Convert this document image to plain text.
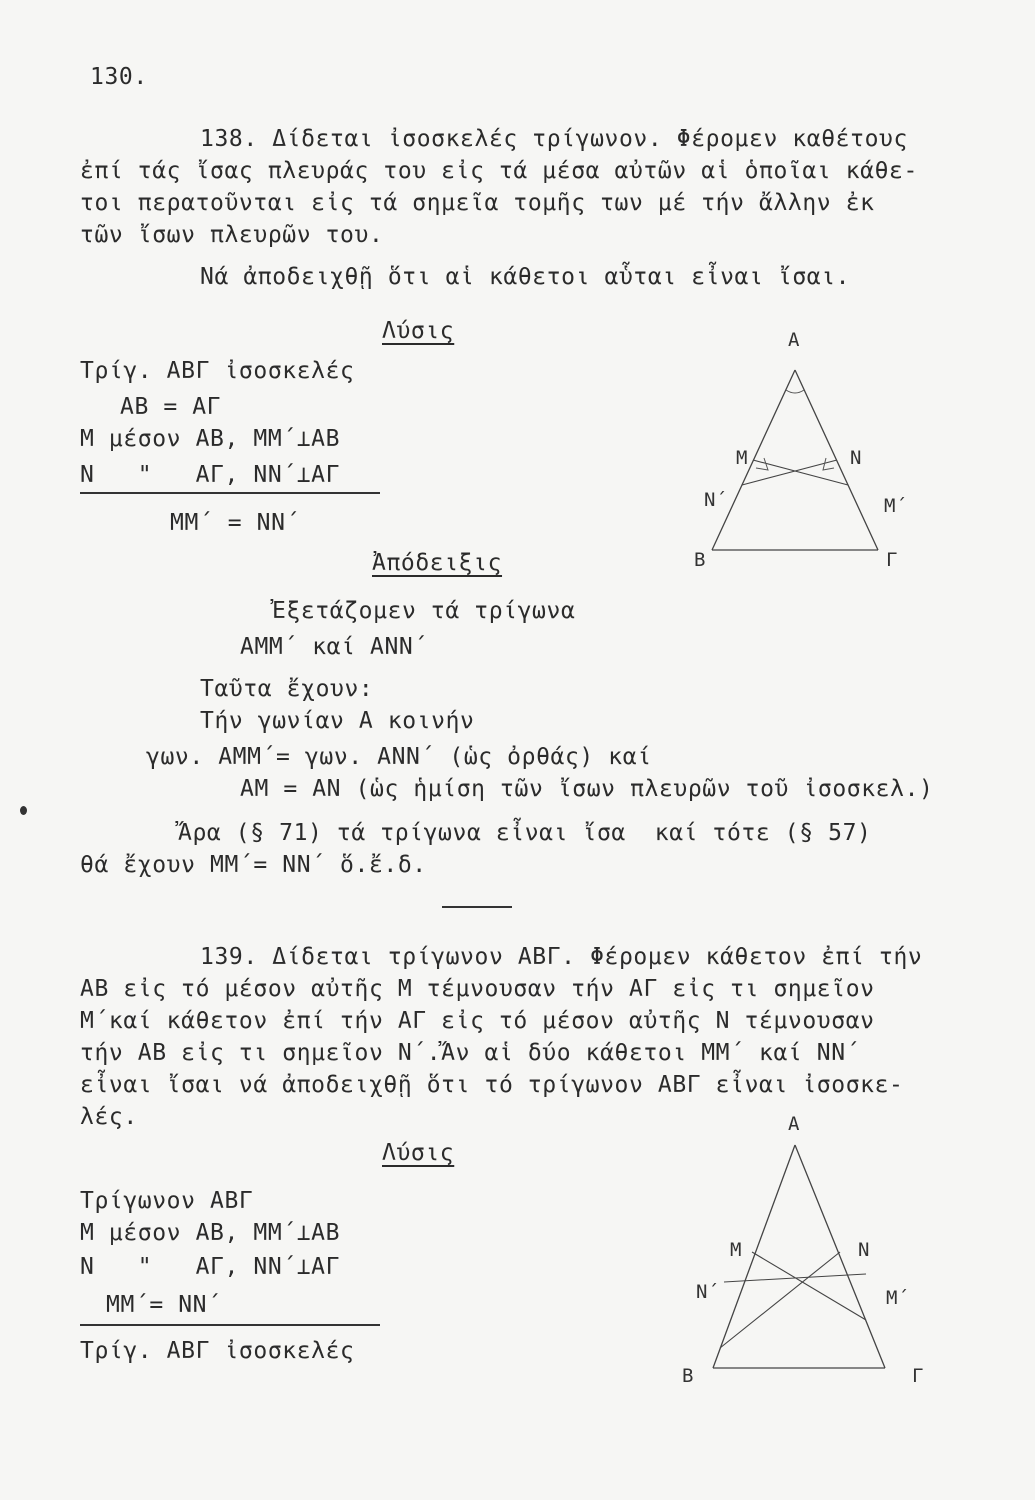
130.
138. Δίδεται ἰσοσκελές τρίγωνον. Φέρομεν καθέτους
ἐπί τάς ἴσας πλευράς του εἰς τά μέσα αὐτῶν αἱ ὁποῖαι κάθε-
τοι περατοῦνται εἰς τά σημεῖα τομῆς των μέ τήν ἄλλην ἐκ
τῶν ἴσων πλευρῶν του.
Νά ἀποδειχθῇ ὅτι αἱ κάθετοι αὗται εἶναι ἴσαι.
Λύσις
Τρίγ. ΑΒΓ ἰσοσκελές
ΑΒ = ΑΓ
Μ μέσον ΑΒ, ΜΜ΄⊥ΑΒ
Ν   "   ΑΓ, ΝΝ΄⊥ΑΓ
ΜΜ΄ = ΝΝ΄
Ἀπόδειξις
Ἐξετάζομεν τά τρίγωνα
ΑΜΜ΄ καί ΑΝΝ΄
Ταῦτα ἔχουν:
Τήν γωνίαν Α κοινήν
γων. ΑΜΜ΄= γων. ΑΝΝ΄ (ὡς ὀρθάς) καί
ΑΜ = ΑΝ (ὡς ἡμίση τῶν ἴσων πλευρῶν τοῦ ἰσοσκελ.)
Ἄρα (§ 71) τά τρίγωνα εἶναι ἴσα  καί τότε (§ 57)
θά ἔχουν ΜΜ΄= ΝΝ΄ ὅ.ἔ.δ.
Α
Μ	Ν
Ν΄	Μ΄
Β	Γ
139. Δίδεται τρίγωνον ΑΒΓ. Φέρομεν κάθετον ἐπί τήν
ΑΒ εἰς τό μέσον αὐτῆς Μ τέμνουσαν τήν ΑΓ εἰς τι σημεῖον
Μ΄καί κάθετον ἐπί τήν ΑΓ εἰς τό μέσον αὐτῆς Ν τέμνουσαν
τήν ΑΒ εἰς τι σημεῖον Ν΄.Ἄν αἱ δύο κάθετοι ΜΜ΄ καί ΝΝ΄
εἶναι ἴσαι νά ἀποδειχθῇ ὅτι τό τρίγωνον ΑΒΓ εἶναι ἰσοσκε-
λές.
Λύσις
Τρίγωνον ΑΒΓ
Μ μέσον ΑΒ, ΜΜ΄⊥ΑΒ
Ν   "   ΑΓ, ΝΝ΄⊥ΑΓ
ΜΜ΄= ΝΝ΄
Τρίγ. ΑΒΓ ἰσοσκελές
Α
Μ	Ν
Ν΄	Μ΄
Β	Γ
